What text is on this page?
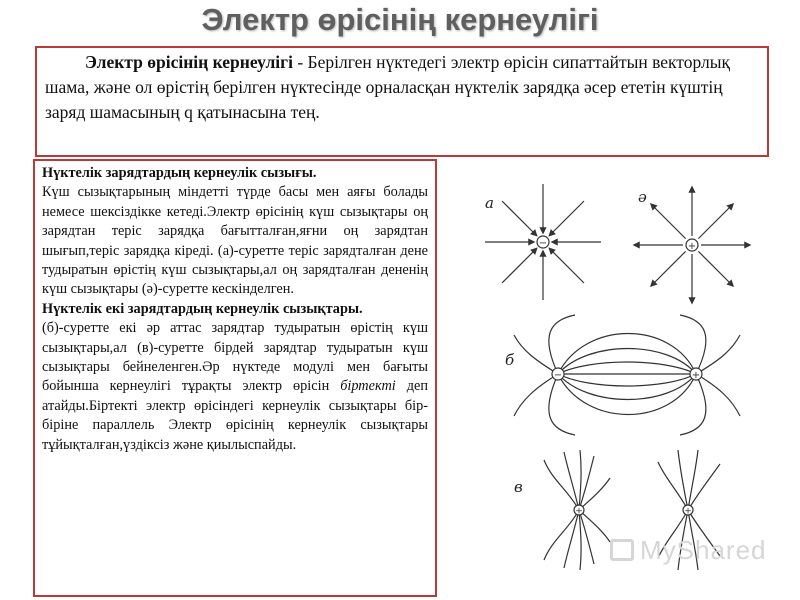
Электр өрісінің кернеулігі
Электр өрісінің кернеулігі - Берілген нүктедегі электр өрісін сипаттайтын векторлық шама, және ол өрістің берілген нүктесінде орналасқан нүктелік зарядқа әсер ететін күштің заряд шамасының q қатынасына тең.

Нүктелік зарядтардың кернеулік сызығы.

Күш сызықтарының міндетті түрде басы мен аяғы болады немесе шексіздікке кетеді.Электр өрісінің күш сызықтары оң зарядтан теріс зарядқа бағытталған,яғни оң зарядтан шығып,теріс зарядқа кіреді. (а)-суретте теріс зарядталған дене тудыратын өрістің күш сызықтары,ал оң зарядталған дененің күш сызықтары (ә)-суретте кескінделген.

Нүктелік екі зарядтардың кернеулік сызықтары.

(б)-суретте екі әр аттас зарядтар тудыратын өрістің күш сызықтары,ал (в)-суретте бірдей зарядтар тудыратын күш сызықтары бейнеленген.Әр нүктеде модулі мен бағыты бойынша кернеулігі тұрақты электр өрісін біртекті деп атайды.Біртекті электр өрісіндегі кернеулік сызықтары бір-біріне параллель Электр өрісінің кернеулік сызықтары тұйықталған,үздіксіз және қиылыспайды.

−	+
−	+
+	+
а	ә
б
в
MyShared
